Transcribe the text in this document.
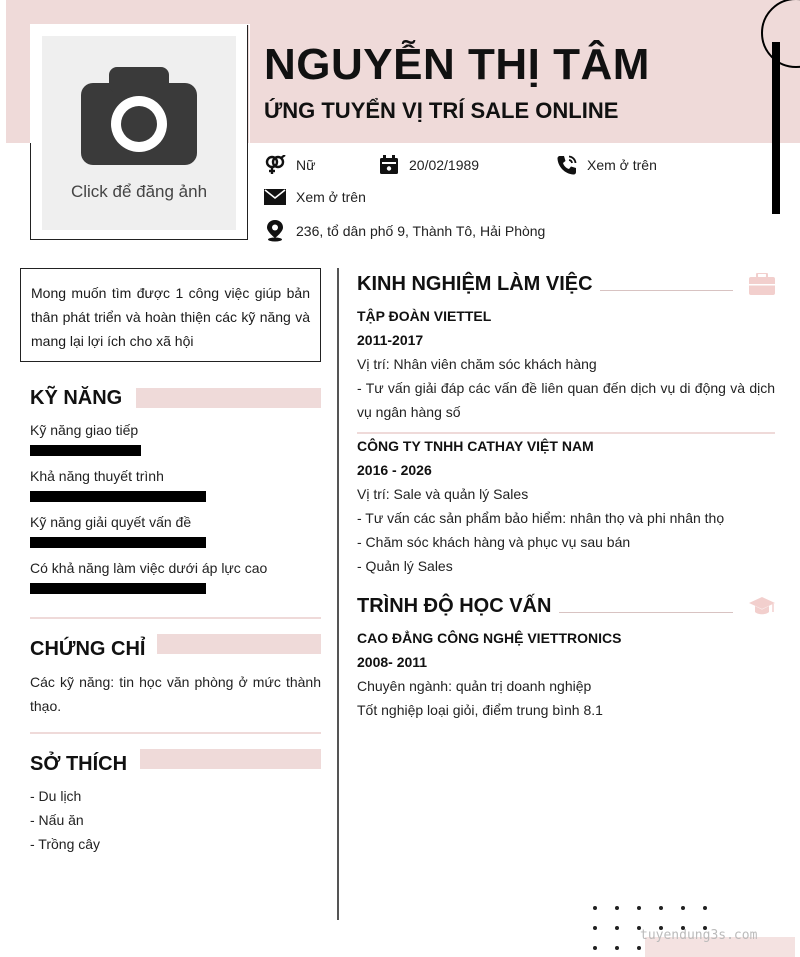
Click để đăng ảnh
NGUYỄN THỊ TÂM
ỨNG TUYỂN VỊ TRÍ SALE ONLINE
Nữ	20/02/1989	Xem ở trên
Xem ở trên
236, tổ dân phố 9, Thành Tô, Hải Phòng
Mong muốn tìm được 1 công việc giúp bản thân phát triển và hoàn thiện các kỹ năng và mang lại lợi ích cho xã hội
KỸ NĂNG
Kỹ năng giao tiếp
Khả năng thuyết trình
Kỹ năng giải quyết vấn đề
Có khả năng làm việc dưới áp lực cao
CHỨNG CHỈ
Các kỹ năng: tin học văn phòng ở mức thành thạo.
SỞ THÍCH
- Du lịch
- Nấu ăn
- Trồng cây
KINH NGHIỆM LÀM VIỆC
TẬP ĐOÀN VIETTEL
2011-2017
Vị trí: Nhân viên chăm sóc khách hàng
- Tư vấn giải đáp các vấn đề liên quan đến dịch vụ di động và dịch vụ ngân hàng số
CÔNG TY TNHH CATHAY VIỆT NAM
2016 - 2026
Vị trí: Sale và quản lý Sales
- Tư vấn các sản phẩm bảo hiểm: nhân thọ và phi nhân thọ
- Chăm sóc khách hàng và phục vụ sau bán
- Quản lý Sales
TRÌNH ĐỘ HỌC VẤN
CAO ĐẲNG CÔNG NGHỆ VIETTRONICS
2008- 2011
Chuyên ngành: quản trị doanh nghiệp
Tốt nghiệp loại giỏi, điểm trung bình 8.1
tuyendung3s.com
